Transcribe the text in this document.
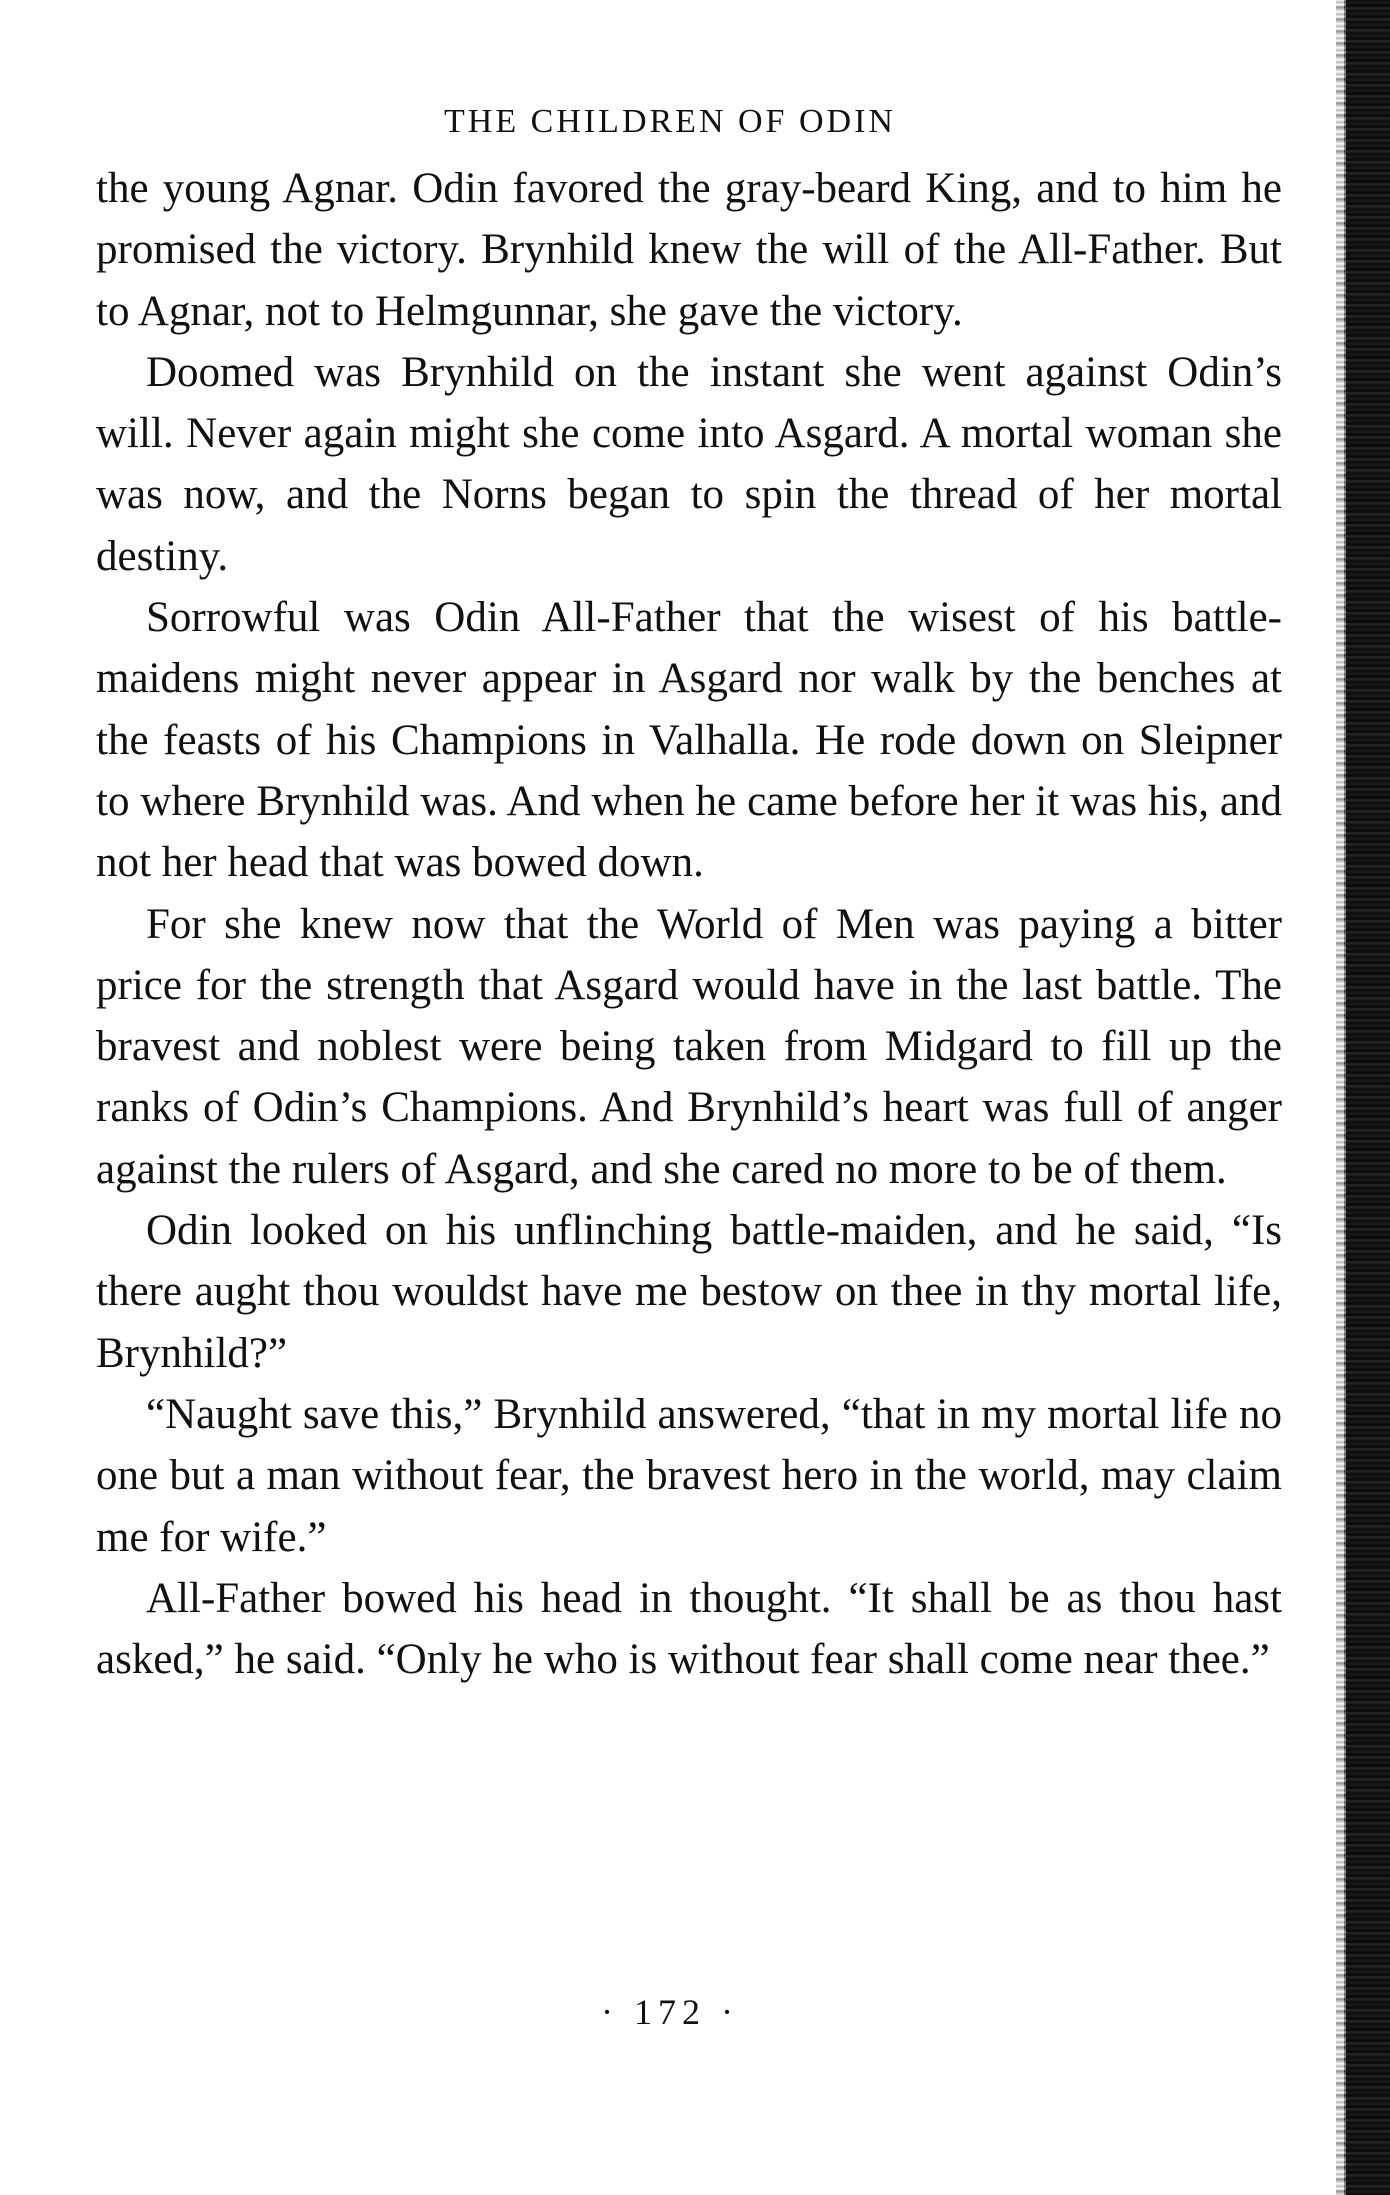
THE CHILDREN OF ODIN

the young Agnar. Odin favored the gray-beard King, and to him he promised the victory. Brynhild knew the will of the All-Father. But to Agnar, not to Helmgunnar, she gave the victory.

Doomed was Brynhild on the instant she went against Odin’s will. Never again might she come into Asgard. A mortal woman she was now, and the Norns began to spin the thread of her mortal destiny.

Sorrowful was Odin All-Father that the wisest of his battle-maidens might never appear in Asgard nor walk by the benches at the feasts of his Champions in Valhalla. He rode down on Sleipner to where Brynhild was. And when he came before her it was his, and not her head that was bowed down.

For she knew now that the World of Men was paying a bitter price for the strength that Asgard would have in the last battle. The bravest and noblest were being taken from Midgard to fill up the ranks of Odin’s Champions. And Brynhild’s heart was full of anger against the rulers of Asgard, and she cared no more to be of them.

Odin looked on his unflinching battle-maiden, and he said, “Is there aught thou wouldst have me bestow on thee in thy mortal life, Brynhild?”

“Naught save this,” Brynhild answered, “that in my mortal life no one but a man without fear, the bravest hero in the world, may claim me for wife.”

All-Father bowed his head in thought. “It shall be as thou hast asked,” he said. “Only he who is without fear shall come near thee.”

· 172 ·
